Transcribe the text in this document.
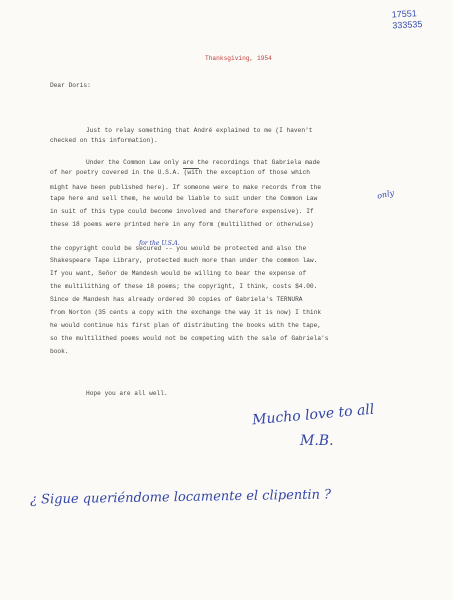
17551
333535
Thanksgiving, 1954
Dear Doris:
Just to relay something that André explained to me (I haven't
checked on this information).
Under the Common Law only are the recordings that Gabriela made
of her poetry covered in the U.S.A. (with the exception of those which
might have been published here). If someone were to make records from the
tape here and sell them, he would be liable to suit under the Common Law
in suit of this type could become involved and therefore expensive). If
these 18 poems were printed here in any form (multilithed or otherwise)
the copyright could be secured -- you would be protected and also the
Shakespeare Tape Library, protected much more than under the common law.
If you want, Señor de Mandesh would be willing to bear the expense of
the multilithing of these 18 poems; the copyright, I think, costs $4.00.
Since de Mandesh has already ordered 30 copies of Gabriela's TERNURA
from Norton (35 cents a copy with the exchange the way it is now) I think
he would continue his first plan of distributing the books with the tape,
so the multilithed poems would not be competing with the sale of Gabriela's
book.
Hope you are all well.
only
for the U.S.A.
Mucho love to all
M.B.
¿ Sigue queriéndome locamente el clipentin ?
